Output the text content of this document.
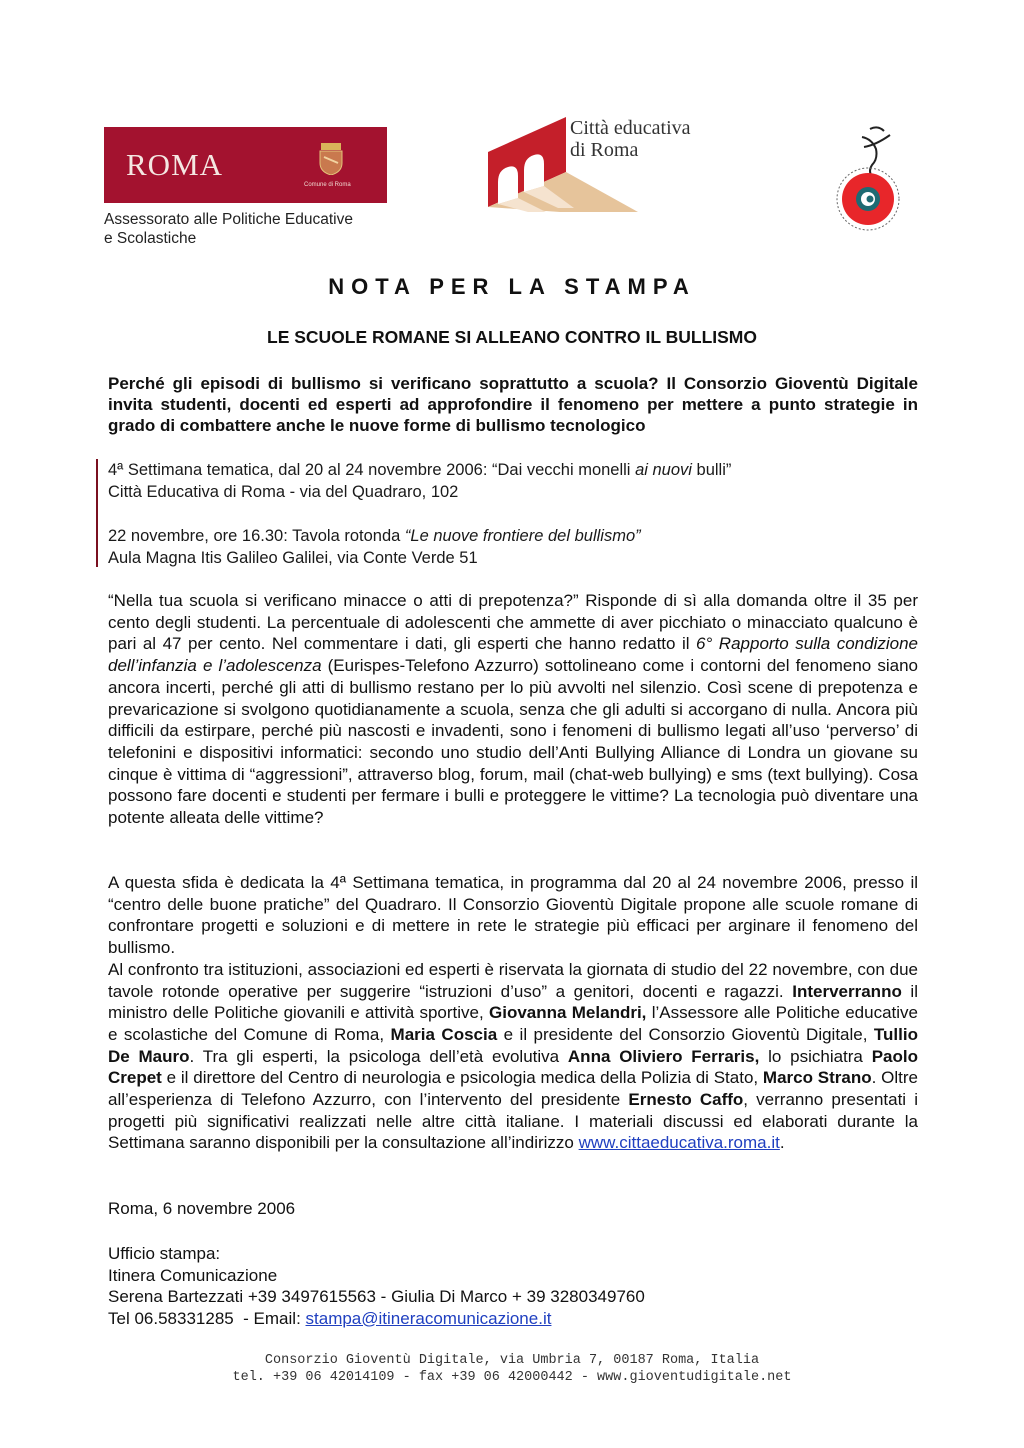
ROMA
Comune di Roma
Assessorato alle Politiche Educative
e Scolastiche
Città educativa
di Roma
NOTA PER LA STAMPA
LE SCUOLE ROMANE SI ALLEANO CONTRO IL BULLISMO
Perché gli episodi di bullismo si verificano soprattutto a scuola? Il Consorzio Gioventù Digitale invita studenti, docenti ed esperti ad approfondire il fenomeno per mettere a punto strategie in grado di combattere anche le nuove forme di bullismo tecnologico

4ª Settimana tematica, dal 20 al 24 novembre 2006: “Dai vecchi monelli ai nuovi bulli”

Città Educativa di Roma - via del Quadraro, 102

22 novembre, ore 16.30: Tavola rotonda “Le nuove frontiere del bullismo”

Aula Magna Itis Galileo Galilei, via Conte Verde 51

“Nella tua scuola si verificano minacce o atti di prepotenza?” Risponde di sì alla domanda oltre il 35 per cento degli studenti. La percentuale di adolescenti che ammette di aver picchiato o minacciato qualcuno è pari al 47 per cento. Nel commentare i dati, gli esperti che hanno redatto il 6° Rapporto sulla condizione dell’infanzia e l’adolescenza (Eurispes-Telefono Azzurro) sottolineano come i contorni del fenomeno siano ancora incerti, perché gli atti di bullismo restano per lo più avvolti nel silenzio. Così scene di prepotenza e prevaricazione si svolgono quotidianamente a scuola, senza che gli adulti si accorgano di nulla. Ancora più difficili da estirpare, perché più nascosti e invadenti, sono i fenomeni di bullismo legati all’uso ‘perverso’ di telefonini e dispositivi informatici: secondo uno studio dell’Anti Bullying Alliance di Londra un giovane su cinque è vittima di “aggressioni”, attraverso blog, forum, mail (chat-web bullying) e sms (text bullying). Cosa possono fare docenti e studenti per fermare i bulli e proteggere le vittime? La tecnologia può diventare una potente alleata delle vittime?

A questa sfida è dedicata la 4ª Settimana tematica, in programma dal 20 al 24 novembre 2006, presso il “centro delle buone pratiche” del Quadraro. Il Consorzio Gioventù Digitale propone alle scuole romane di confrontare progetti e soluzioni e di mettere in rete le strategie più efficaci per arginare il fenomeno del bullismo.

Al confronto tra istituzioni, associazioni ed esperti è riservata la giornata di studio del 22 novembre, con due tavole rotonde operative per suggerire “istruzioni d’uso” a genitori, docenti e ragazzi. Interverranno il ministro delle Politiche giovanili e attività sportive, Giovanna Melandri, l’Assessore alle Politiche educative e scolastiche del Comune di Roma, Maria Coscia e il presidente del Consorzio Gioventù Digitale, Tullio De Mauro. Tra gli esperti, la psicologa dell’età evolutiva Anna Oliviero Ferraris, lo psichiatra Paolo Crepet e il direttore del Centro di neurologia e psicologia medica della Polizia di Stato, Marco Strano. Oltre all’esperienza di Telefono Azzurro, con l’intervento del presidente Ernesto Caffo, verranno presentati i progetti più significativi realizzati nelle altre città italiane. I materiali discussi ed elaborati durante la Settimana saranno disponibili per la consultazione all’indirizzo www.cittaeducativa.roma.it.

Roma, 6 novembre 2006
Ufficio stampa:
Itinera Comunicazione
Serena Bartezzati +39 3497615563 - Giulia Di Marco + 39 3280349760
Tel 06.58331285  - Email: stampa@itineracomunicazione.it
Consorzio Gioventù Digitale, via Umbria 7, 00187 Roma, Italia
tel. +39 06 42014109 - fax +39 06 42000442 - www.gioventudigitale.net
